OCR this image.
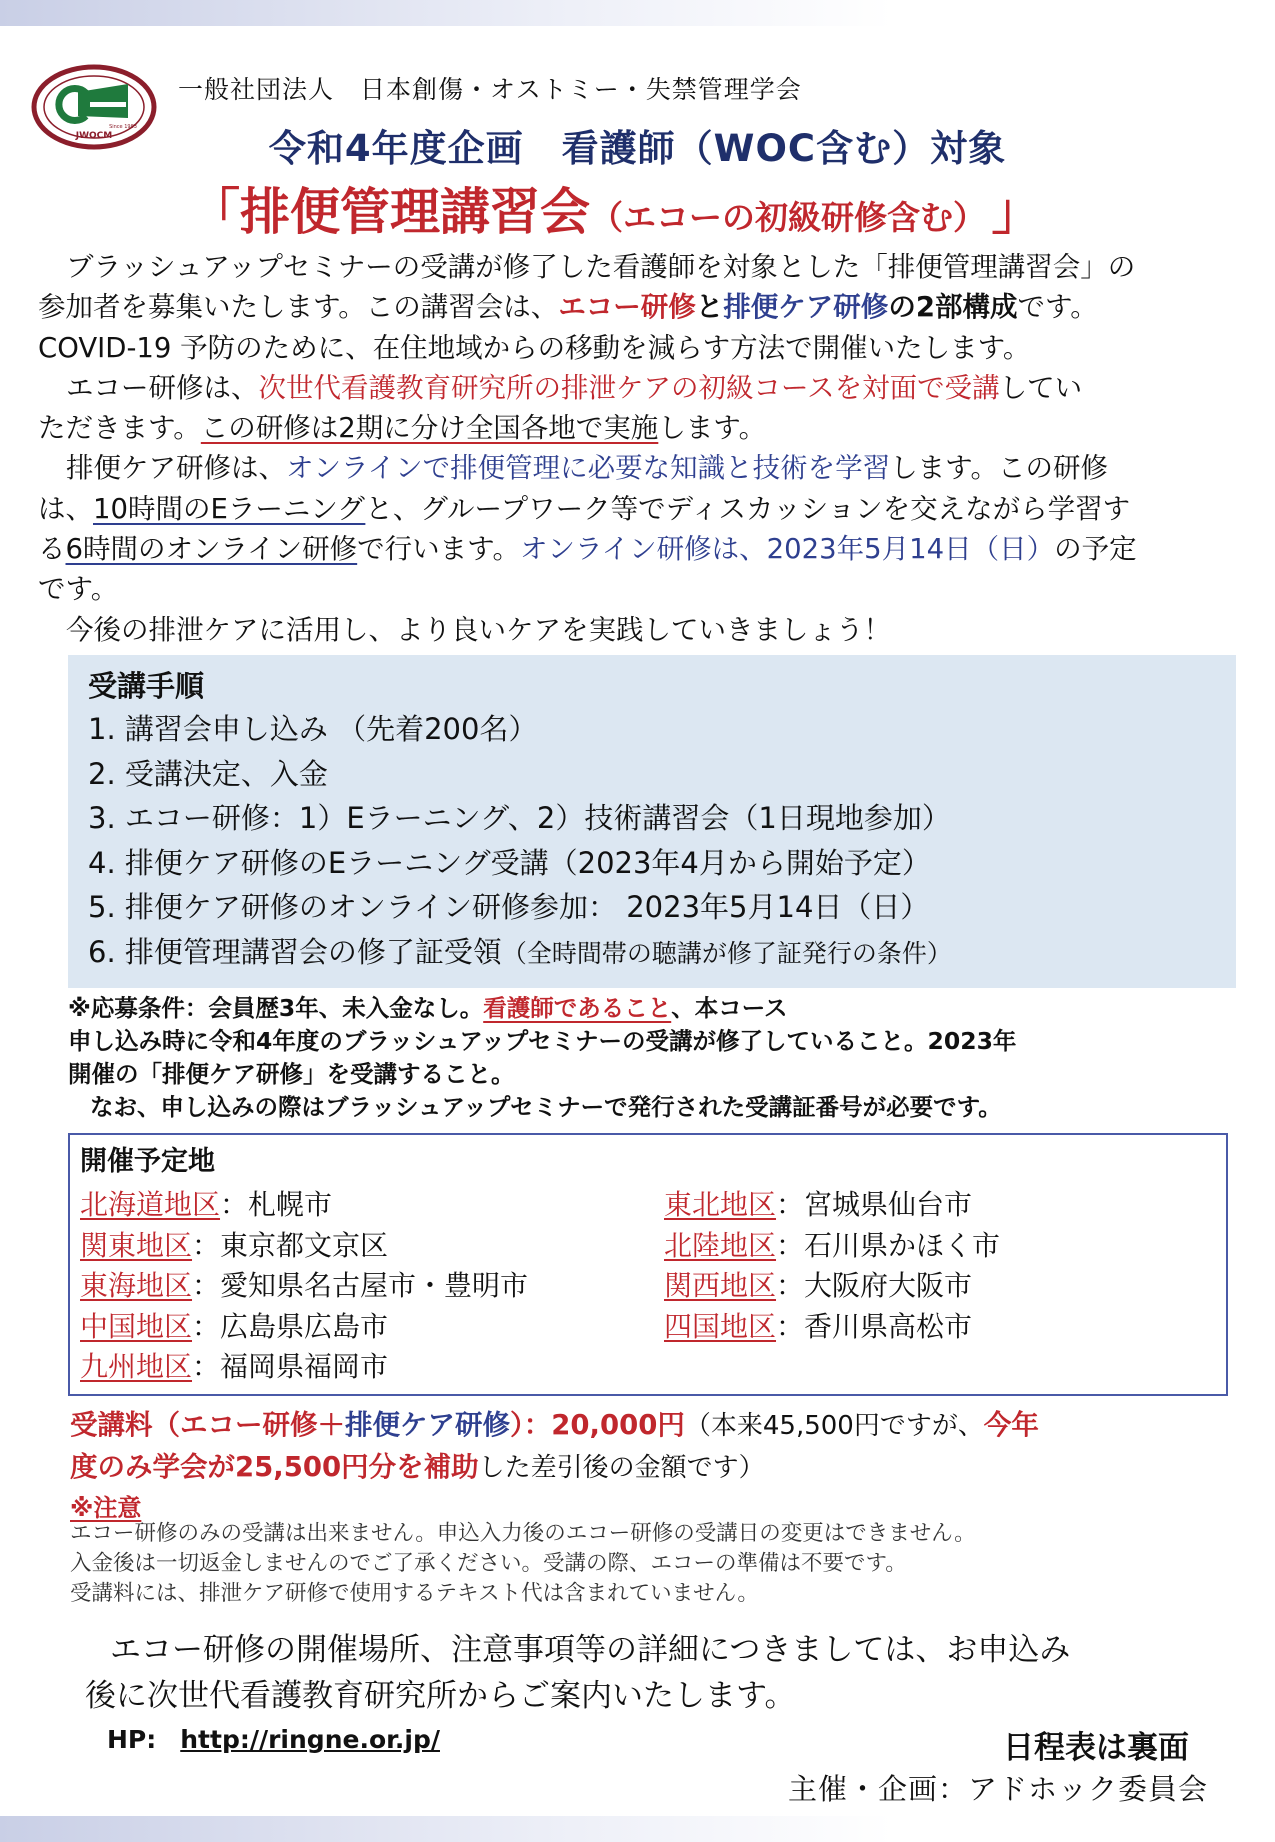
JWOCM
Since 1983
一般社団法人　日本創傷・オストミー・失禁管理学会
令和4年度企画　看護師（WOC含む）対象
「排便管理講習会（エコーの初級研修含む） 」

ブラッシュアップセミナーの受講が修了した看護師を対象とした「排便管理講習会」の

参加者を募集いたします。この講習会は、エコー研修と排便ケア研修の2部構成です。

COVID-19 予防のために、在住地域からの移動を減らす方法で開催いたします。

エコー研修は、次世代看護教育研究所の排泄ケアの初級コースを対面で受講してい

ただきます。この研修は2期に分け全国各地で実施します。

排便ケア研修は、オンラインで排便管理に必要な知識と技術を学習します。この研修

は、10時間のEラーニングと、グループワーク等でディスカッションを交えながら学習す

る6時間のオンライン研修で行います。オンライン研修は、2023年5月14日（日）の予定

です。

今後の排泄ケアに活用し、より良いケアを実践していきましょう！

受講手順
1. 講習会申し込み （先着200名）
2. 受講決定、入金
3. エコー研修：1）Eラーニング、2）技術講習会（1日現地参加）
4. 排便ケア研修のEラーニング受講（2023年4月から開始予定）
5. 排便ケア研修のオンライン研修参加： 2023年5月14日（日）
6. 排便管理講習会の修了証受領（全時間帯の聴講が修了証発行の条件）

※応募条件：会員歴3年、未入金なし。看護師であること、本コース

申し込み時に令和4年度のブラッシュアップセミナーの受講が修了していること。2023年

開催の「排便ケア研修」を受講すること。

なお、申し込みの際はブラッシュアップセミナーで発行された受講証番号が必要です。

開催予定地
北海道地区：札幌市
関東地区：東京都文京区
東海地区：愛知県名古屋市・豊明市
中国地区：広島県広島市
九州地区：福岡県福岡市
東北地区：宮城県仙台市
北陸地区：石川県かほく市
関西地区：大阪府大阪市
四国地区：香川県高松市

受講料（エコー研修＋排便ケア研修）：20,000円（本来45,500円ですが、今年

度のみ学会が25,500円分を補助した差引後の金額です）

※注意

エコー研修のみの受講は出来ません。申込入力後のエコー研修の受講日の変更はできません。

入金後は一切返金しませんのでご了承ください。受講の際、エコーの準備は不要です。

受講料には、排泄ケア研修で使用するテキスト代は含まれていません。

エコー研修の開催場所、注意事項等の詳細につきましては、お申込み

後に次世代看護教育研究所からご案内いたします。

HP: http://ringne.or.jp/	日程表は裏面
主催・企画：アドホック委員会
